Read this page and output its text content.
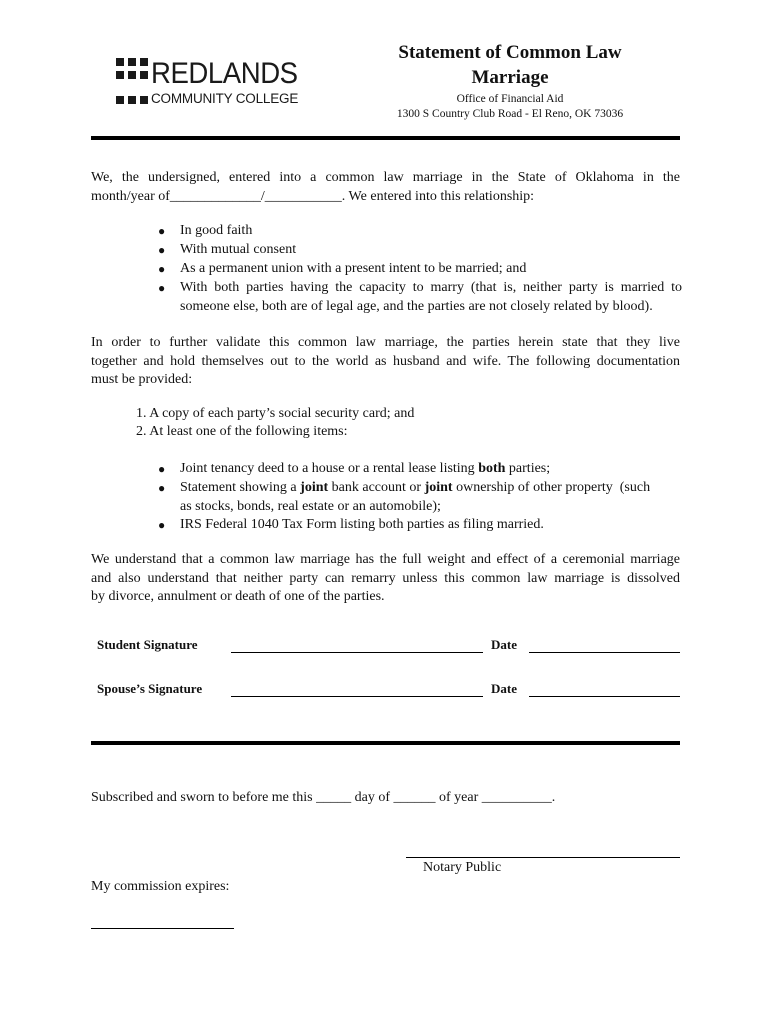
REDLANDS
COMMUNITY COLLEGE
Statement of Common Law
Marriage
Office of Financial Aid
1300 S Country Club Road - El Reno, OK 73036
We, the undersigned, entered into a common law marriage in the State of Oklahoma in the
month/year of_____________/___________. We entered into this relationship:
● In good faith
● With mutual consent
● As a permanent union with a present intent to be married; and
● With both parties having the capacity to marry (that is, neither party is married to
someone else, both are of legal age, and the parties are not closely related by blood).
In order to further validate this common law marriage, the parties herein state that they live
together and hold themselves out to the world as husband and wife. The following documentation
must be provided:
1. A copy of each party’s social security card; and
2. At least one of the following items:
● Joint tenancy deed to a house or a rental lease listing both parties;
● Statement showing a joint bank account or joint ownership of other property  (such
as stocks, bonds, real estate or an automobile);
● IRS Federal 1040 Tax Form listing both parties as filing married.
We understand that a common law marriage has the full weight and effect of a ceremonial marriage
and also understand that neither party can remarry unless this common law marriage is dissolved
by divorce, annulment or death of one of the parties.
Student Signature	Date
Spouse’s Signature	Date
Subscribed and sworn to before me this _____ day of ______ of year __________.
Notary Public
My commission expires:
